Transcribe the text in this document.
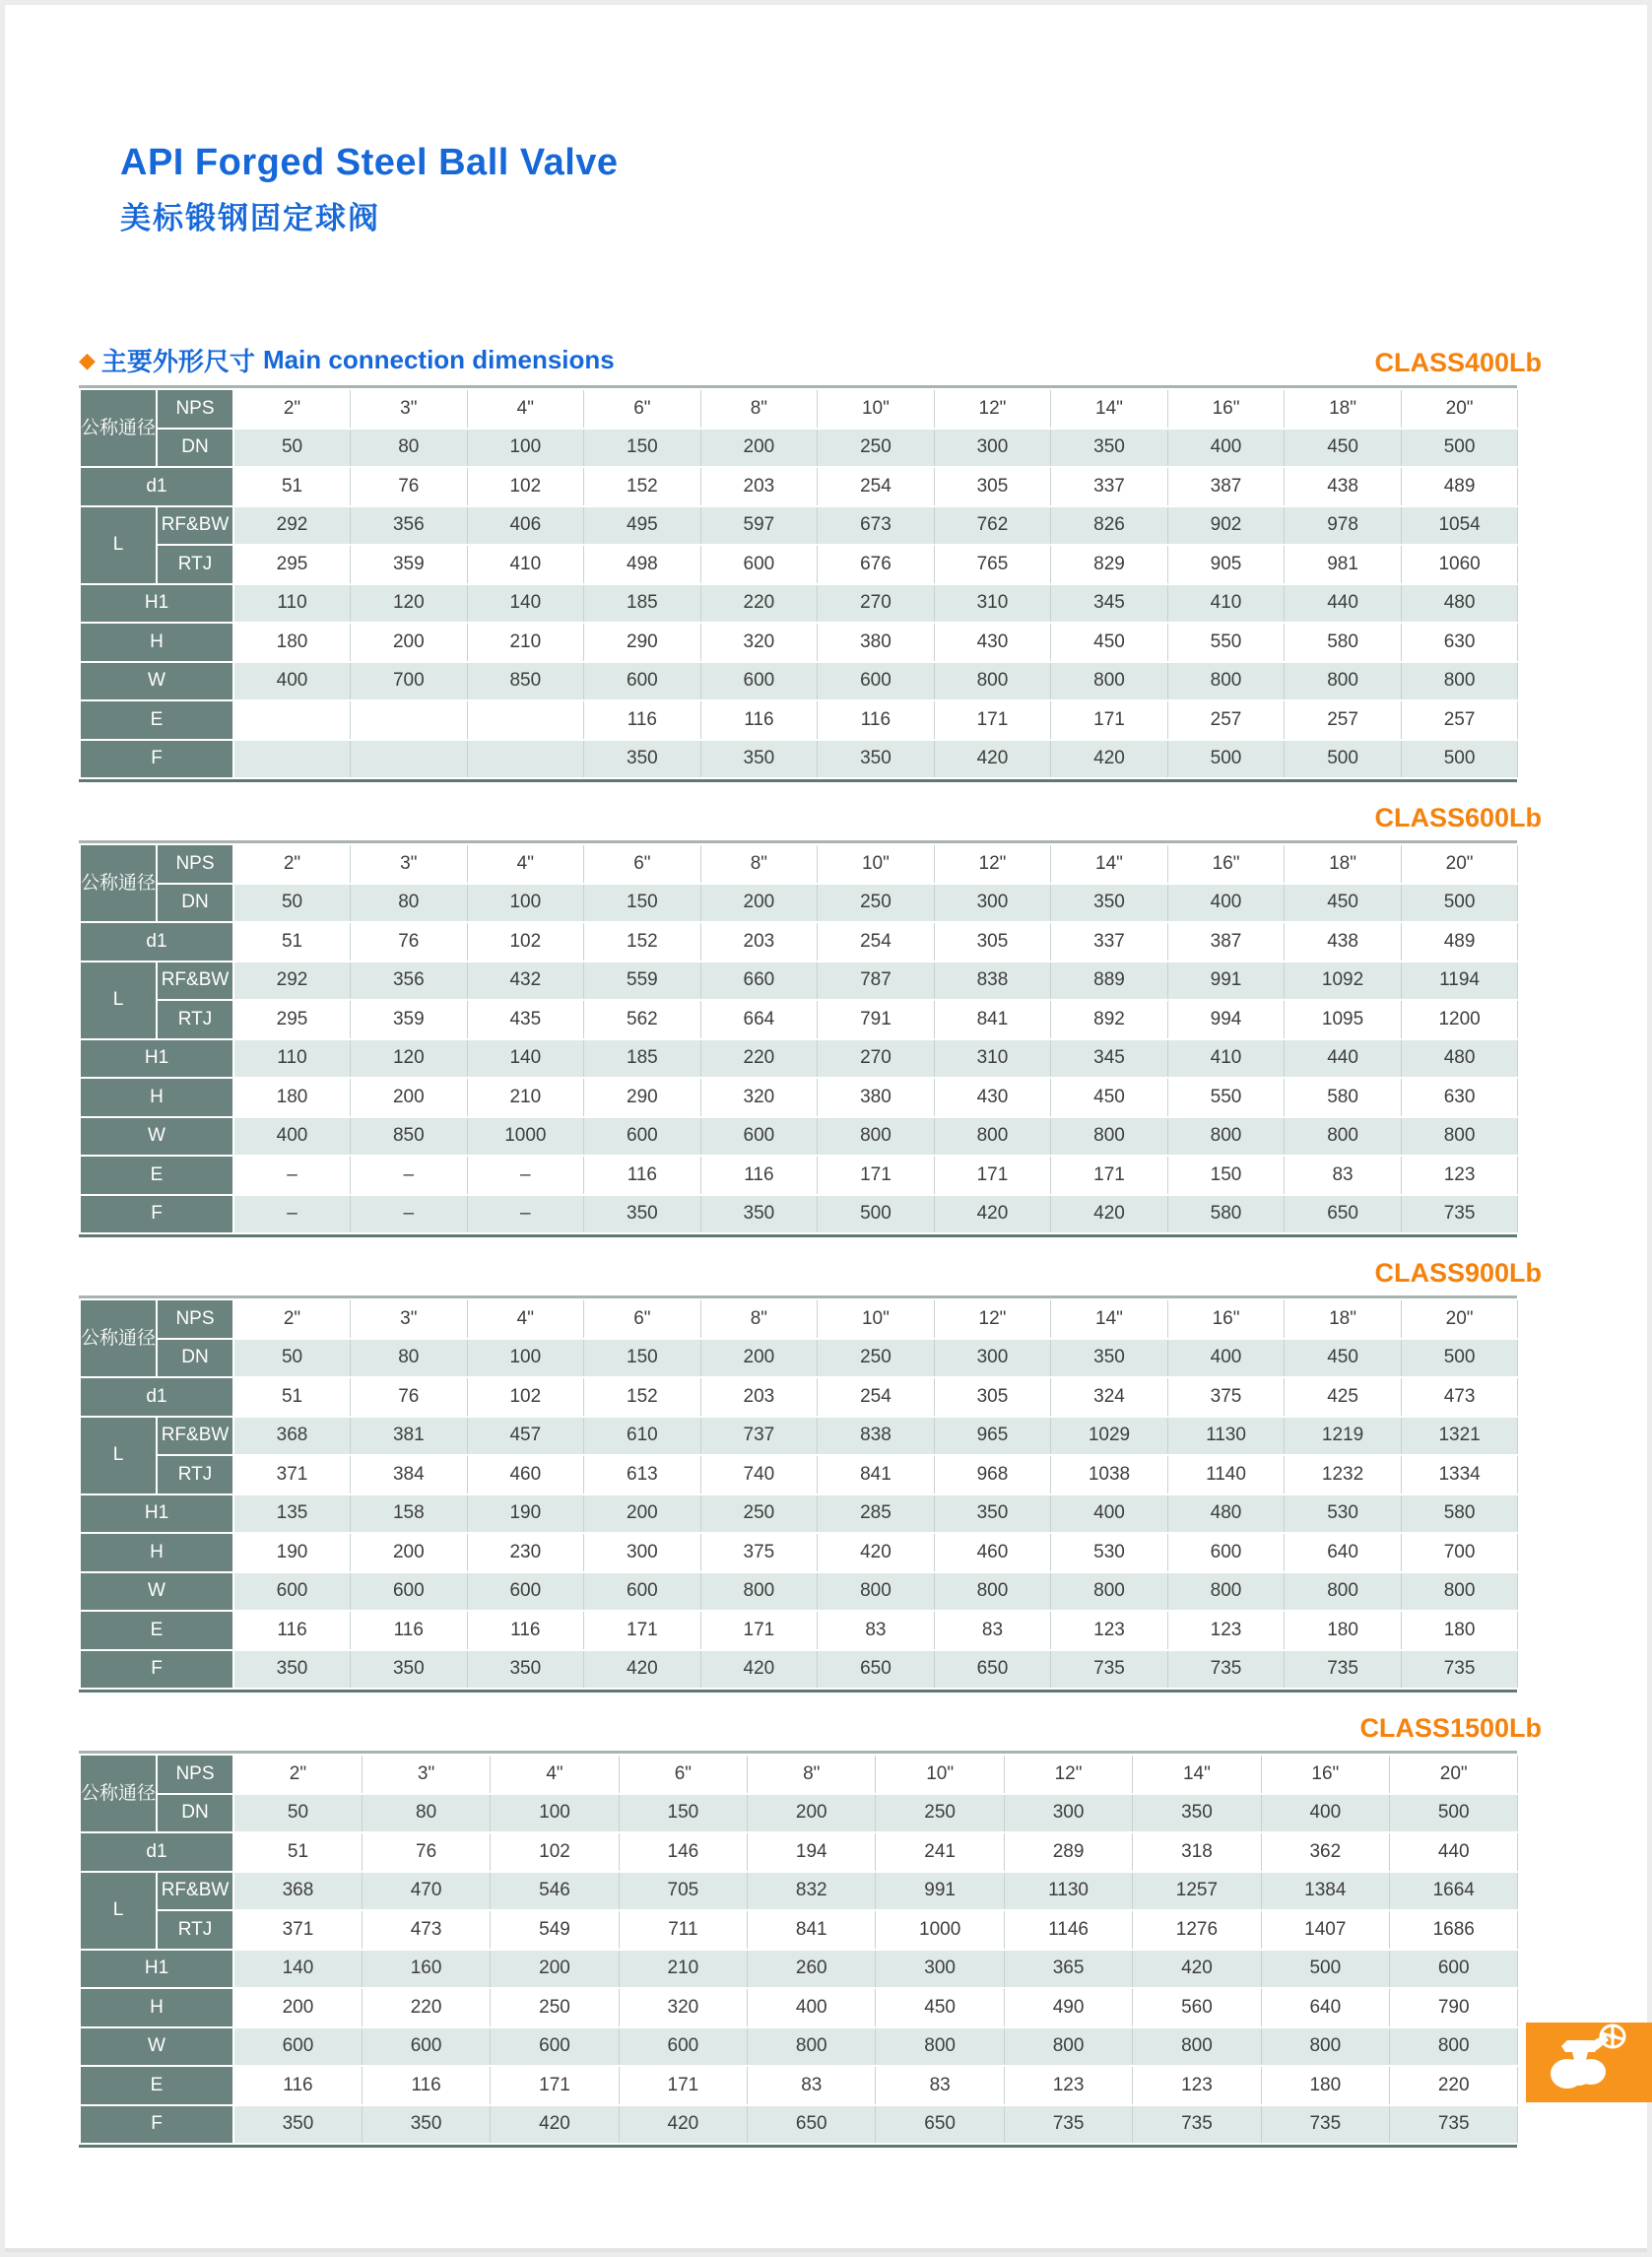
API Forged Steel Ball Valve
美标锻钢固定球阀
◆ 主要外形尺寸 Main connection dimensions	CLASS400Lb
公称通径	NPS	2"	3"	4"	6"	8"	10"	12"	14"	16"	18"	20"
	DN	50	80	100	150	200	250	300	350	400	450	500
d1		51	76	102	152	203	254	305	337	387	438	489
L	RF&BW	292	356	406	495	597	673	762	826	902	978	1054
	RTJ	295	359	410	498	600	676	765	829	905	981	1060
H1		110	120	140	185	220	270	310	345	410	440	480
H		180	200	210	290	320	380	430	450	550	580	630
W		400	700	850	600	600	600	800	800	800	800	800
E					116	116	116	171	171	257	257	257
F					350	350	350	420	420	500	500	500
CLASS600Lb
公称通径	NPS	2"	3"	4"	6"	8"	10"	12"	14"	16"	18"	20"
	DN	50	80	100	150	200	250	300	350	400	450	500
d1		51	76	102	152	203	254	305	337	387	438	489
L	RF&BW	292	356	432	559	660	787	838	889	991	1092	1194
	RTJ	295	359	435	562	664	791	841	892	994	1095	1200
H1		110	120	140	185	220	270	310	345	410	440	480
H		180	200	210	290	320	380	430	450	550	580	630
W		400	850	1000	600	600	800	800	800	800	800	800
E		–	–	–	116	116	171	171	171	150	83	123
F		–	–	–	350	350	500	420	420	580	650	735
CLASS900Lb
公称通径	NPS	2"	3"	4"	6"	8"	10"	12"	14"	16"	18"	20"
	DN	50	80	100	150	200	250	300	350	400	450	500
d1		51	76	102	152	203	254	305	324	375	425	473
L	RF&BW	368	381	457	610	737	838	965	1029	1130	1219	1321
	RTJ	371	384	460	613	740	841	968	1038	1140	1232	1334
H1		135	158	190	200	250	285	350	400	480	530	580
H		190	200	230	300	375	420	460	530	600	640	700
W		600	600	600	600	800	800	800	800	800	800	800
E		116	116	116	171	171	83	83	123	123	180	180
F		350	350	350	420	420	650	650	735	735	735	735
CLASS1500Lb
公称通径	NPS	2"	3"	4"	6"	8"	10"	12"	14"	16"	20"
	DN	50	80	100	150	200	250	300	350	400	500
d1		51	76	102	146	194	241	289	318	362	440
L	RF&BW	368	470	546	705	832	991	1130	1257	1384	1664
	RTJ	371	473	549	711	841	1000	1146	1276	1407	1686
H1		140	160	200	210	260	300	365	420	500	600
H		200	220	250	320	400	450	490	560	640	790
W		600	600	600	600	800	800	800	800	800	800
E		116	116	171	171	83	83	123	123	180	220
F		350	350	420	420	650	650	735	735	735	735
